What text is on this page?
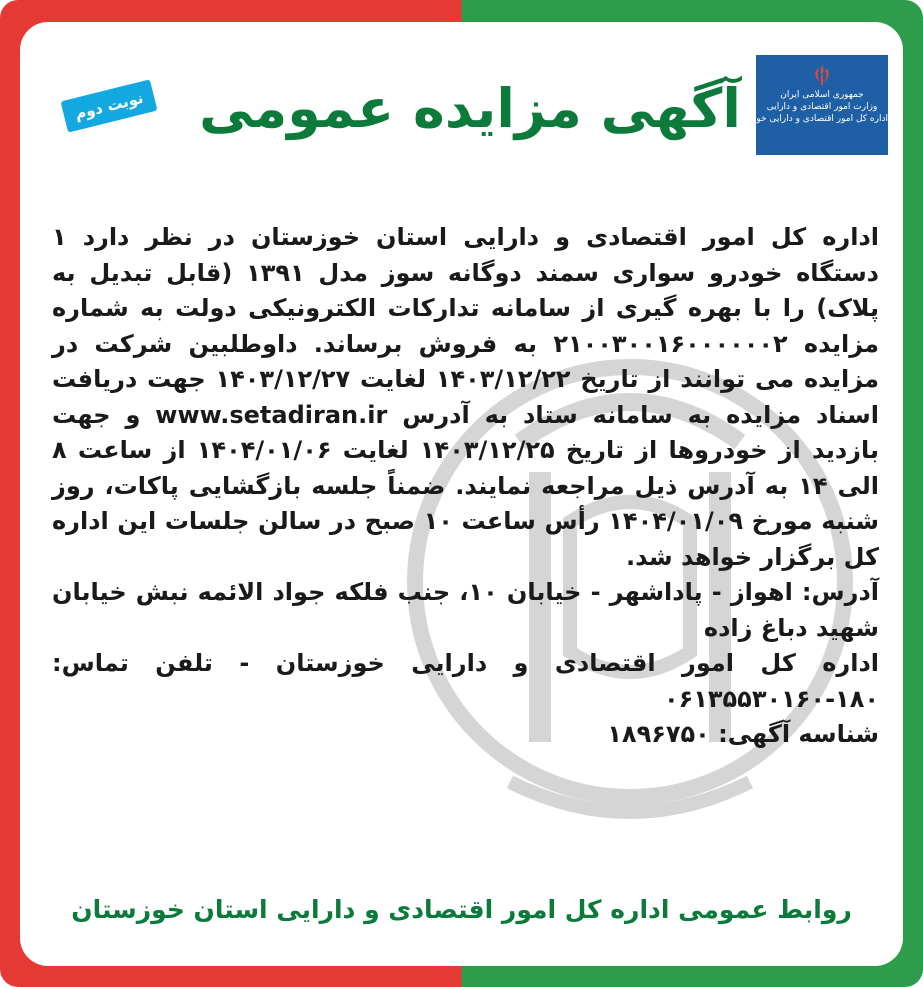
جمهوری اسلامی ایران
وزارت امور اقتصادی و دارایی
اداره کل امور اقتصادی و دارایی خوزستان
آگهی مزایده عمومی
نوبت دوم

اداره کل امور اقتصادی و دارایی استان خوزستان در نظر دارد ۱ دستگاه خودرو سواری سمند دوگانه سوز مدل ۱۳۹۱ (قابل تبدیل به پلاک) را با بهره گیری از سامانه تدارکات الکترونیکی دولت به شماره مزایده ۲۱۰۰۳۰۰۱۶۰۰۰۰۰۰۲ به فروش برساند. داوطلبین شرکت در مزایده می توانند از تاریخ ۱۴۰۳/۱۲/۲۲ لغایت ۱۴۰۳/۱۲/۲۷ جهت دریافت اسناد مزایده به سامانه ستاد به آدرس www.setadiran.ir و جهت بازدید از خودروها از تاریخ ۱۴۰۳/۱۲/۲۵ لغایت ۱۴۰۴/۰۱/۰۶ از ساعت ۸ الی ۱۴ به آدرس ذیل مراجعه نمایند. ضمناً جلسه بازگشایی پاکات، روز شنبه مورخ ۱۴۰۴/۰۱/۰۹ رأس ساعت ۱۰ صبح در سالن جلسات این اداره کل برگزار خواهد شد.

آدرس: اهواز - پاداشهر - خیابان ۱۰، جنب فلکه جواد الائمه نبش خیابان شهید دباغ زاده

اداره کل امور اقتصادی و دارایی خوزستان - تلفن تماس: ۱۸۰-۰۶۱۳۵۵۳۰۱۶۰

شناسه آگهی: ۱۸۹۶۷۵۰

روابط عمومی اداره کل امور اقتصادی و دارایی استان خوزستان
